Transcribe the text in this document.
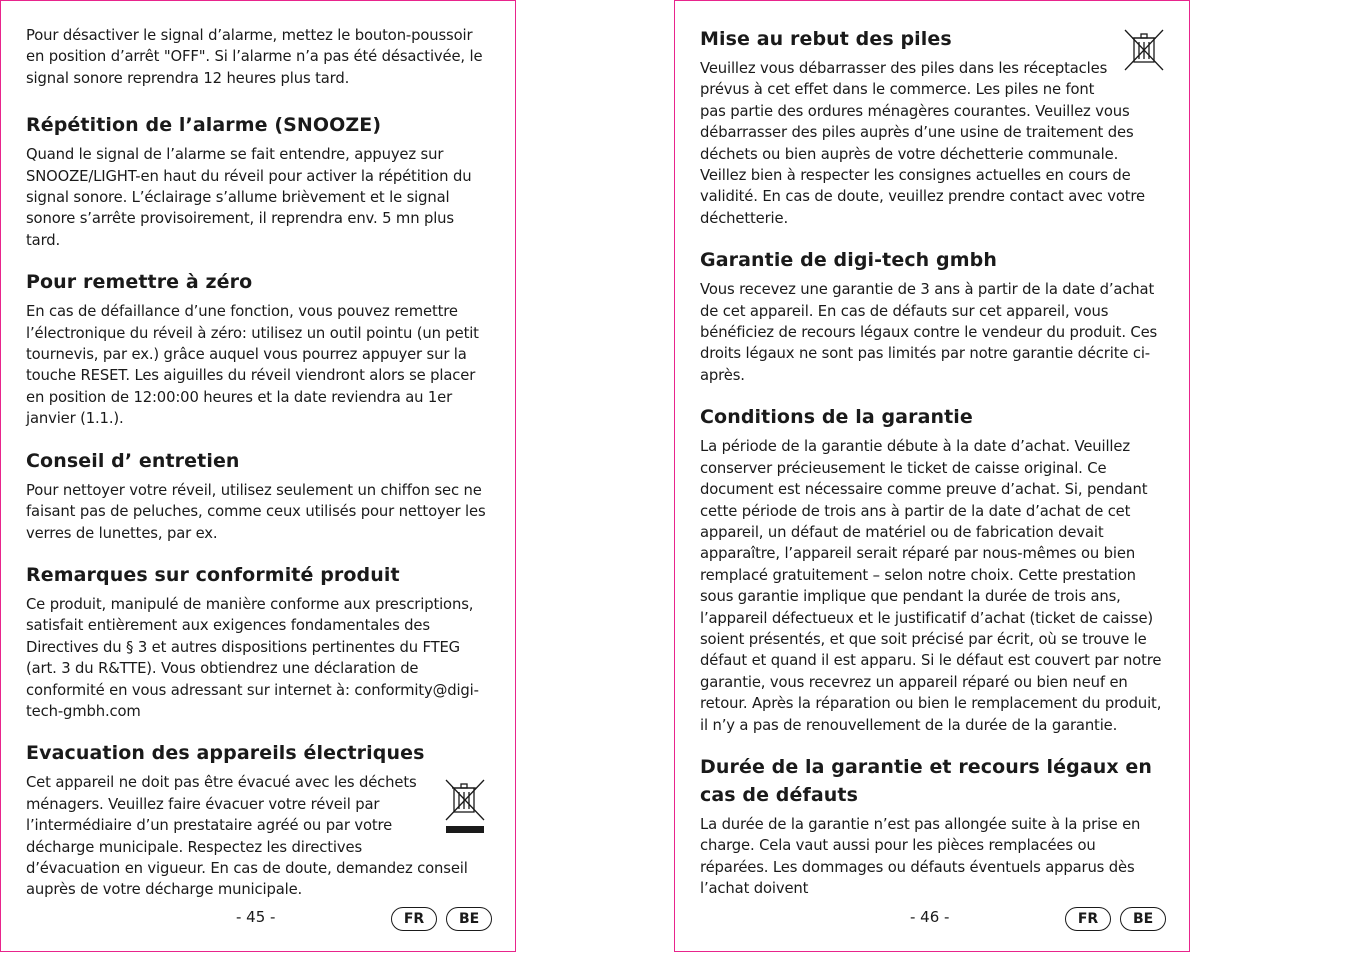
Pour désactiver le signal d’alarme, mettez le bouton-poussoir en position d’arrêt "OFF". Si l’alarme n’a pas été désactivée, le signal sonore reprendra 12 heures plus tard.

Répétition de l’alarme (SNOOZE)

Quand le signal de l’alarme se fait entendre, appuyez sur SNOOZE/LIGHT-en haut du réveil pour activer la répétition du signal sonore. L’éclairage s’allume brièvement et le signal sonore s’arrête provisoirement, il reprendra env. 5 mn plus tard.

Pour remettre à zéro

En cas de défaillance d’une fonction, vous pouvez remettre l’électronique du réveil à zéro: utilisez un outil pointu (un petit tournevis, par ex.) grâce auquel vous pourrez appuyer sur la touche RESET. Les aiguilles du réveil viendront alors se placer en position de 12:00:00 heures et la date reviendra au 1er janvier (1.1.).

Conseil d’ entretien

Pour nettoyer votre réveil, utilisez seulement un chiffon sec ne faisant pas de peluches, comme ceux utilisés pour nettoyer les verres de lunettes, par ex.

Remarques sur conformité produit

Ce produit, manipulé de manière conforme aux prescriptions, satisfait entièrement aux exigences fondamentales des Directives du § 3 et autres dispositions pertinentes du FTEG (art. 3 du R&TTE). Vous obtiendrez une déclaration de conformité en vous adressant sur internet à: conformity@digi-tech-gmbh.com

Evacuation des appareils électriques

Cet appareil ne doit pas être évacué avec les déchets ménagers. Veuillez faire évacuer votre réveil par l’intermédiaire d’un prestataire agréé ou par votre décharge municipale. Respectez les directives d’évacuation en vigueur. En cas de doute, demandez conseil auprès de votre décharge municipale.

- 45 -	FR BE
Mise au rebut des piles

Veuillez vous débarrasser des piles dans les réceptacles prévus à cet effet dans le commerce. Les piles ne font pas partie des ordures ménagères courantes. Veuillez vous débarrasser des piles auprès d’une usine de traitement des déchets ou bien auprès de votre déchetterie communale. Veillez bien à respecter les consignes actuelles en cours de validité. En cas de doute, veuillez prendre contact avec votre déchetterie.

Garantie de digi-tech gmbh

Vous recevez une garantie de 3 ans à partir de la date d’achat de cet appareil. En cas de défauts sur cet appareil, vous bénéficiez de recours légaux contre le vendeur du produit. Ces droits légaux ne sont pas limités par notre garantie décrite ci-après.

Conditions de la garantie

La période de la garantie débute à la date d’achat. Veuillez conserver précieusement le ticket de caisse original. Ce document est nécessaire comme preuve d’achat. Si, pendant cette période de trois ans à partir de la date d’achat de cet appareil, un défaut de matériel ou de fabrication devait apparaître, l’appareil serait réparé par nous-mêmes ou bien remplacé gratuitement – selon notre choix. Cette prestation sous garantie implique que pendant la durée de trois ans, l’appareil défectueux et le justificatif d’achat (ticket de caisse) soient présentés, et que soit précisé par écrit, où se trouve le défaut et quand il est apparu. Si le défaut est couvert par notre garantie, vous recevrez un appareil réparé ou bien neuf en retour. Après la réparation ou bien le remplacement du produit, il n’y a pas de renouvellement de la durée de la garantie.

Durée de la garantie et recours légaux en cas de défauts

La durée de la garantie n’est pas allongée suite à la prise en charge. Cela vaut aussi pour les pièces remplacées ou réparées. Les dommages ou défauts éventuels apparus dès l’achat doivent

- 46 -	FR BE
